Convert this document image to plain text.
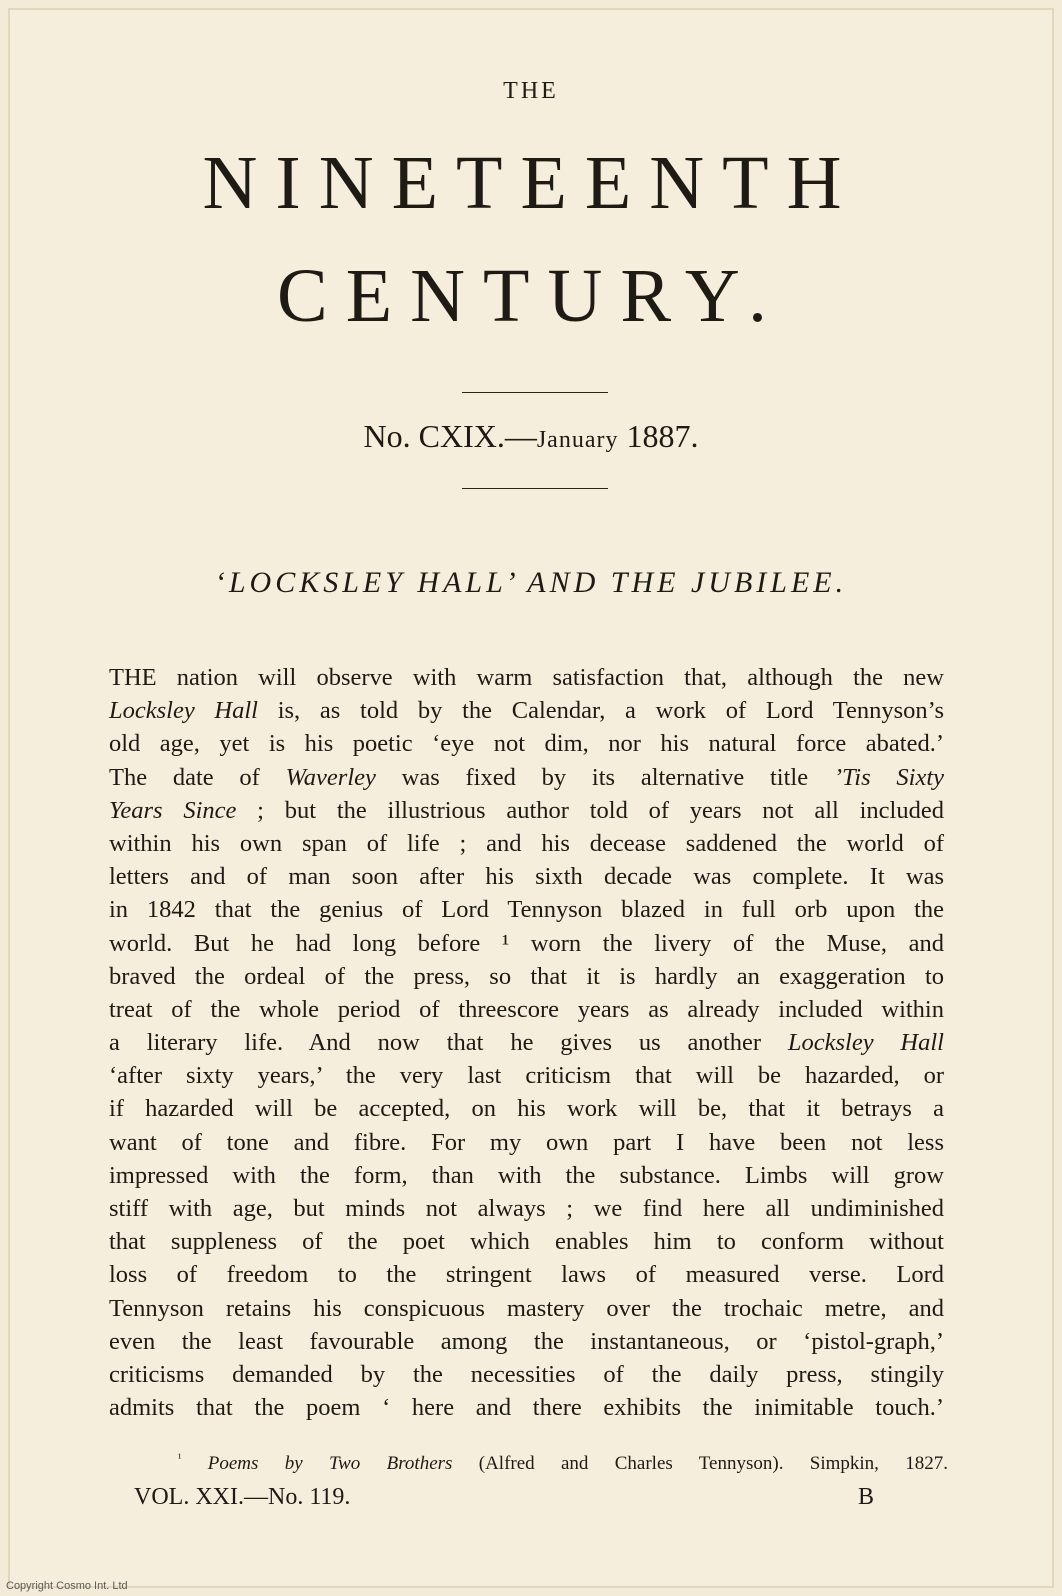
THE
NINETEENTH
CENTURY.
No. CXIX.—January 1887.
‘LOCKSLEY HALL’ AND THE JUBILEE.
THE nation will observe with warm satisfaction that, although the new
Locksley Hall is, as told by the Calendar, a work of Lord Tennyson’s
old age, yet is his poetic ‘eye not dim, nor his natural force abated.’
The date of Waverley was fixed by its alternative title ’Tis Sixty
Years Since ; but the illustrious author told of years not all included
within his own span of life ; and his decease saddened the world of
letters and of man soon after his sixth decade was complete. It was
in 1842 that the genius of Lord Tennyson blazed in full orb upon the
world. But he had long before ¹ worn the livery of the Muse, and
braved the ordeal of the press, so that it is hardly an exaggeration to
treat of the whole period of threescore years as already included within
a literary life. And now that he gives us another Locksley Hall
‘after sixty years,’ the very last criticism that will be hazarded, or
if hazarded will be accepted, on his work will be, that it betrays a
want of tone and fibre. For my own part I have been not less
impressed with the form, than with the substance. Limbs will grow
stiff with age, but minds not always ; we find here all undiminished
that suppleness of the poet which enables him to conform without
loss of freedom to the stringent laws of measured verse. Lord
Tennyson retains his conspicuous mastery over the trochaic metre, and
even the least favourable among the instantaneous, or ‘pistol-graph,’
criticisms demanded by the necessities of the daily press, stingily
admits that the poem ‘ here and there exhibits the inimitable touch.’
$^{^1}$ Poems by Two Brothers (Alfred and Charles Tennyson). Simpkin, 1827.
VOL. XXI.—No. 119.	B
Copyright Cosmo Int. Ltd
